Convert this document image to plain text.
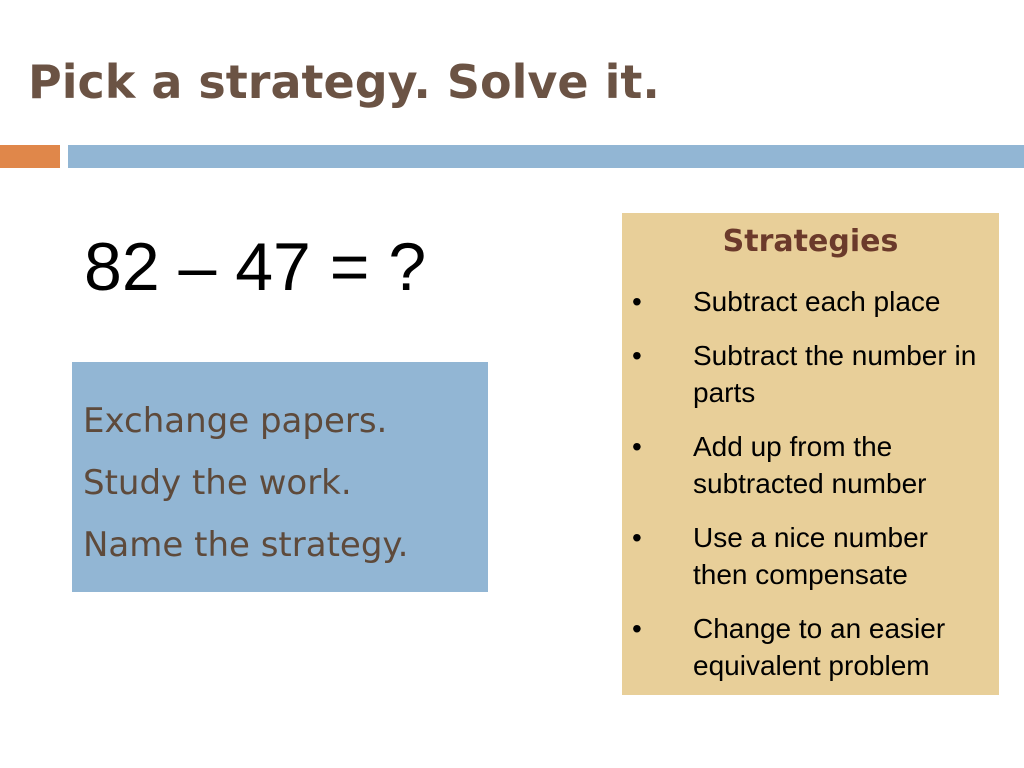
Pick a strategy. Solve it.
82 – 47 = ?
Exchange papers.
Study the work.
Name the strategy.
Strategies
• Subtract each place
• Subtract the number in parts
• Add up from the subtracted number
• Use a nice number then compensate
• Change to an easier equivalent problem
